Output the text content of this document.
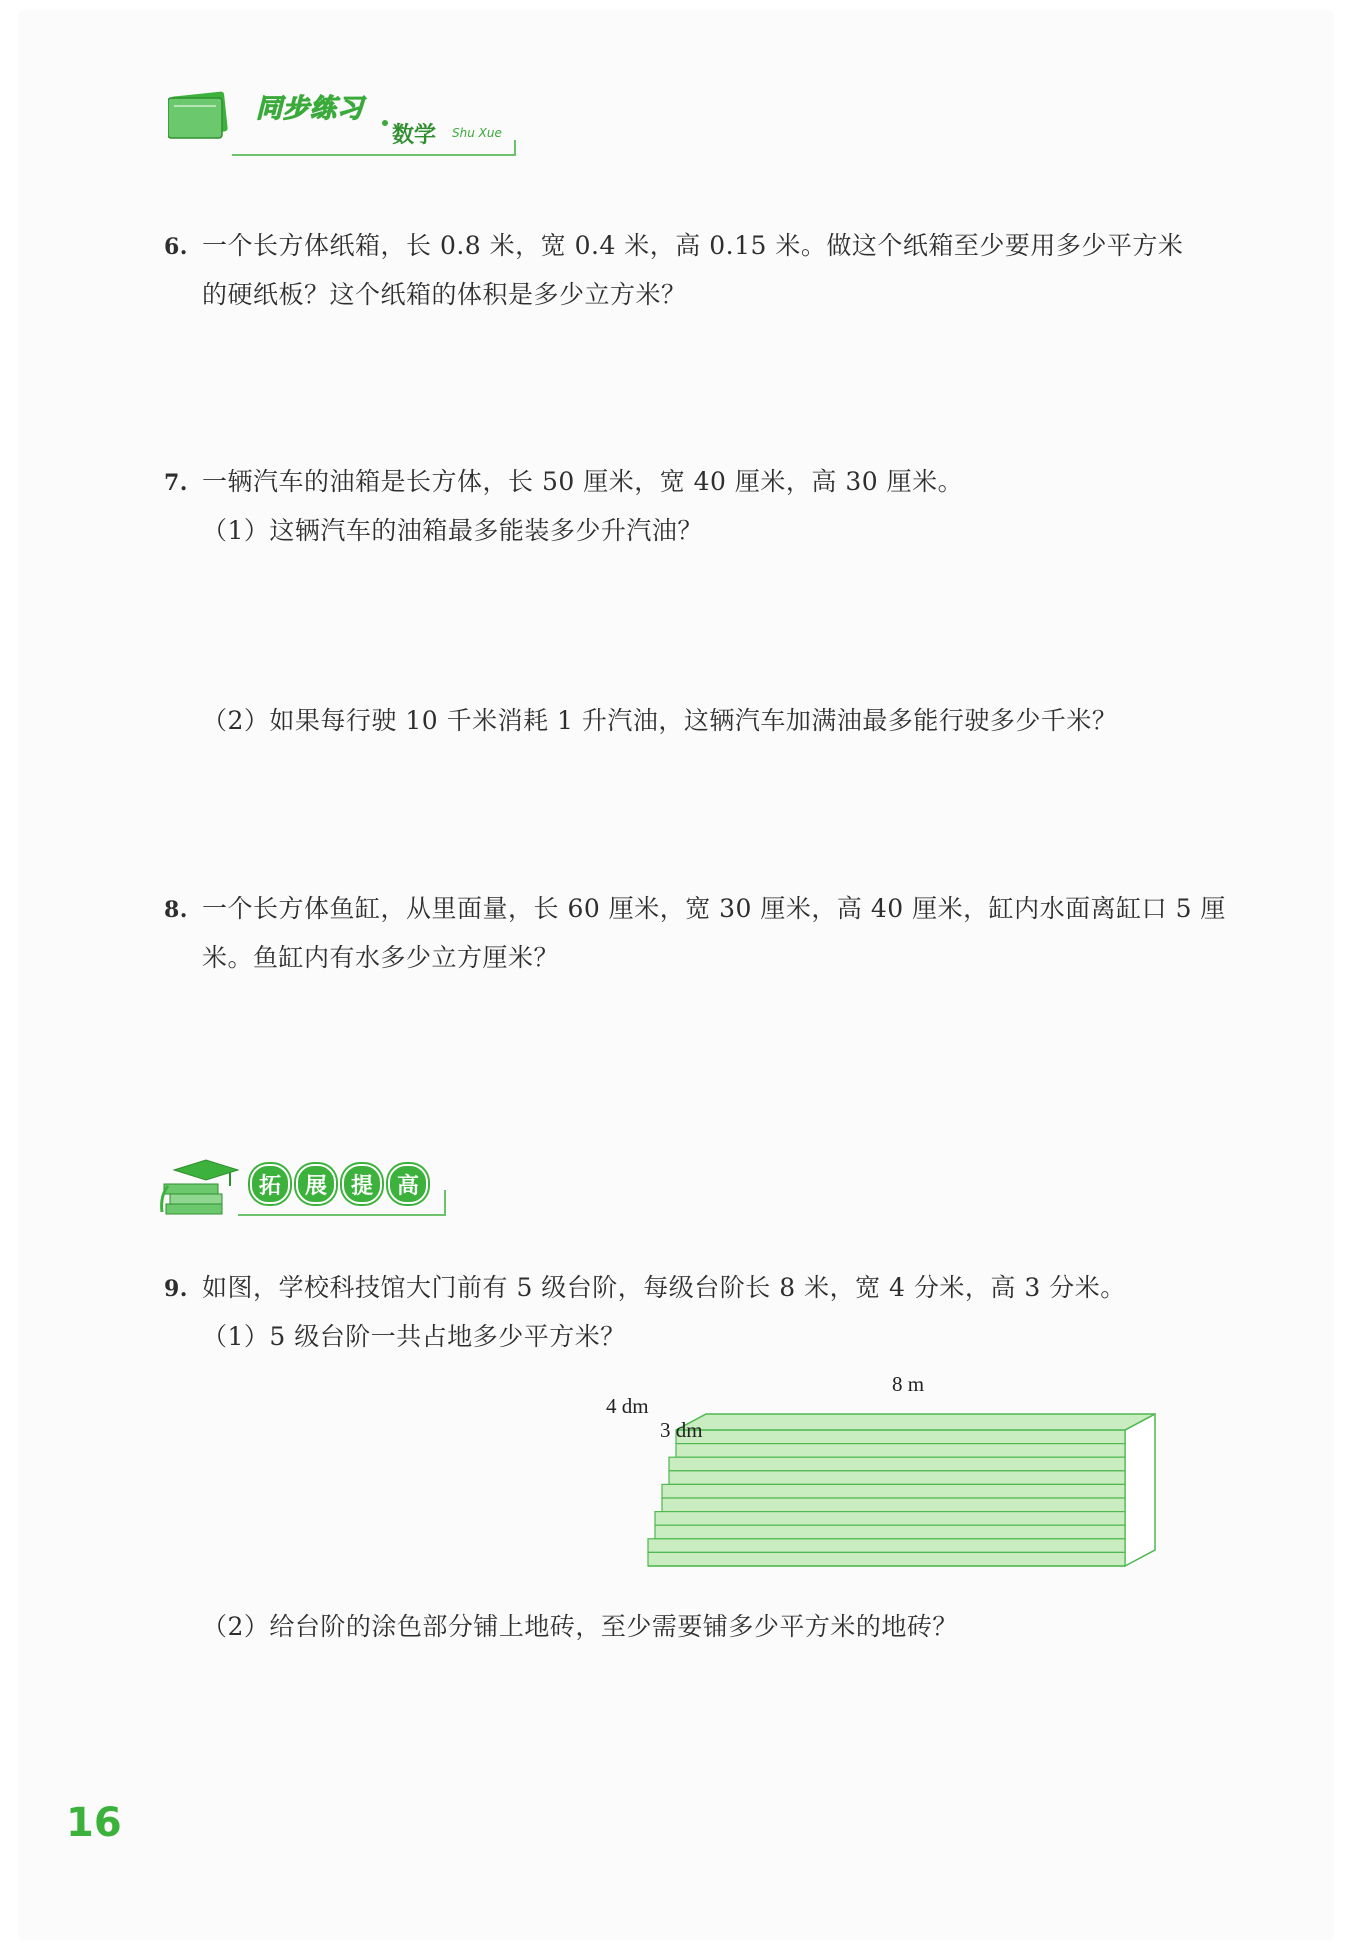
同步练习
数学 Shu Xue
6. 一个长方体纸箱，长 0.8 米，宽 0.4 米，高 0.15 米。做这个纸箱至少要用多少平方米
的硬纸板？这个纸箱的体积是多少立方米？
7. 一辆汽车的油箱是长方体，长 50 厘米，宽 40 厘米，高 30 厘米。
（1）这辆汽车的油箱最多能装多少升汽油？
（2）如果每行驶 10 千米消耗 1 升汽油，这辆汽车加满油最多能行驶多少千米？
8. 一个长方体鱼缸，从里面量，长 60 厘米，宽 30 厘米，高 40 厘米，缸内水面离缸口 5 厘
米。鱼缸内有水多少立方厘米？
拓	展	提	高
9. 如图，学校科技馆大门前有 5 级台阶，每级台阶长 8 米，宽 4 分米，高 3 分米。
（1）5 级台阶一共占地多少平方米？
8 m
4 dm
3 dm
（2）给台阶的涂色部分铺上地砖，至少需要铺多少平方米的地砖？
16
